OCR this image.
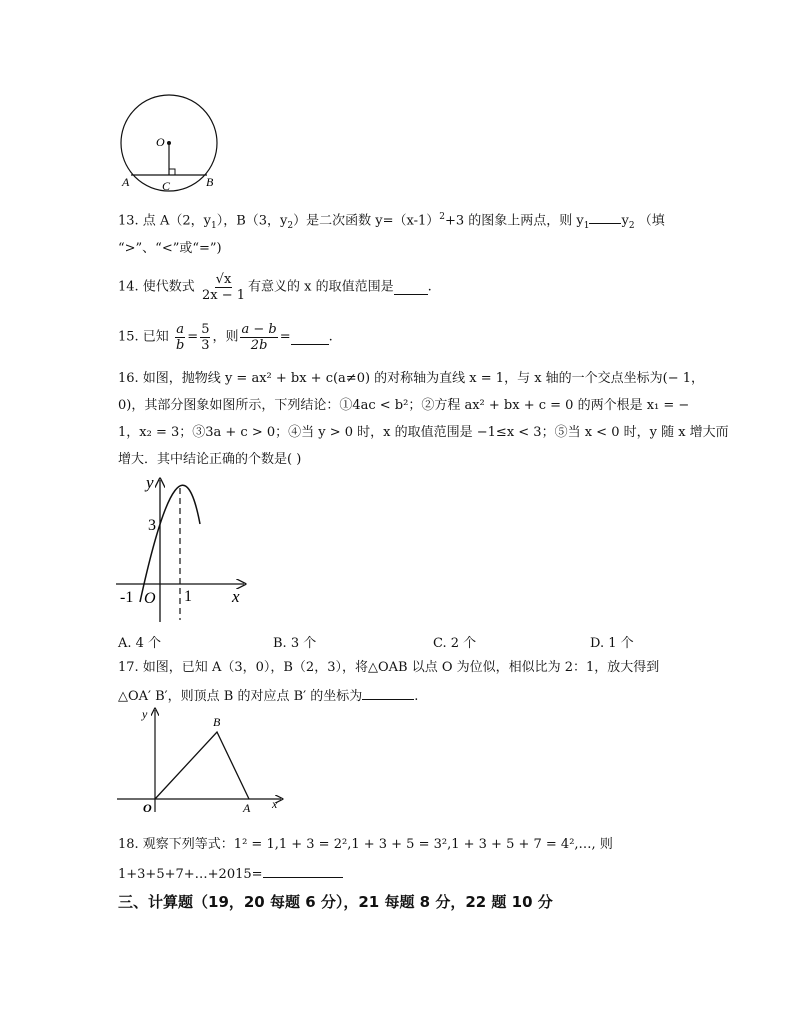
O
C
A	B
13. 点 A（2，$y_1$），B（3，$y_2$）是二次函数 $y=(x-1)^2+3$ 的图象上两点，则 $y_1$ $y_2$ （填
“>”、“<”或“=”)
14. 使代数式 $\frac{√x}{2x - 1}$ 有意义的 x 的取值范围是	.
15. 已知 $\frac{a}{b} = \frac{5}{3}$ ，则 $\frac{a - b}{2b}$ =	.
16. 如图，抛物线 y = ax² + bx + c(a≠0) 的对称轴为直线 x = 1，与 x 轴的一个交点坐标为(− 1，
0)，其部分图象如图所示，下列结论：①4ac < b²；②方程 ax² + bx + c = 0 的两个根是 x₁ = −
1，x₂ = 3；③3a + c > 0；④当 y > 0 时，x 的取值范围是 −1≤x < 3；⑤当 x < 0 时，y 随 x 增大而
增大．其中结论正确的个数是( )
y
x
3
-1 O 1
A. 4 个	B. 3 个	C. 2 个	D. 1 个
17. 如图，已知 A（3，0），B（2，3），将△OAB 以点 O 为位似，相似比为 2：1，放大得到
△OA′ B′，则顶点 B 的对应点 B′ 的坐标为	.
y
x
B
O	A
18. 观察下列等式：1² = 1,1 + 3 = 2²,1 + 3 + 5 = 3²,1 + 3 + 5 + 7 = 4²,…, 则
1+3+5+7+…+2015=
三、计算题（19，20 每题 6 分），21 每题 8 分，22 题 10 分
